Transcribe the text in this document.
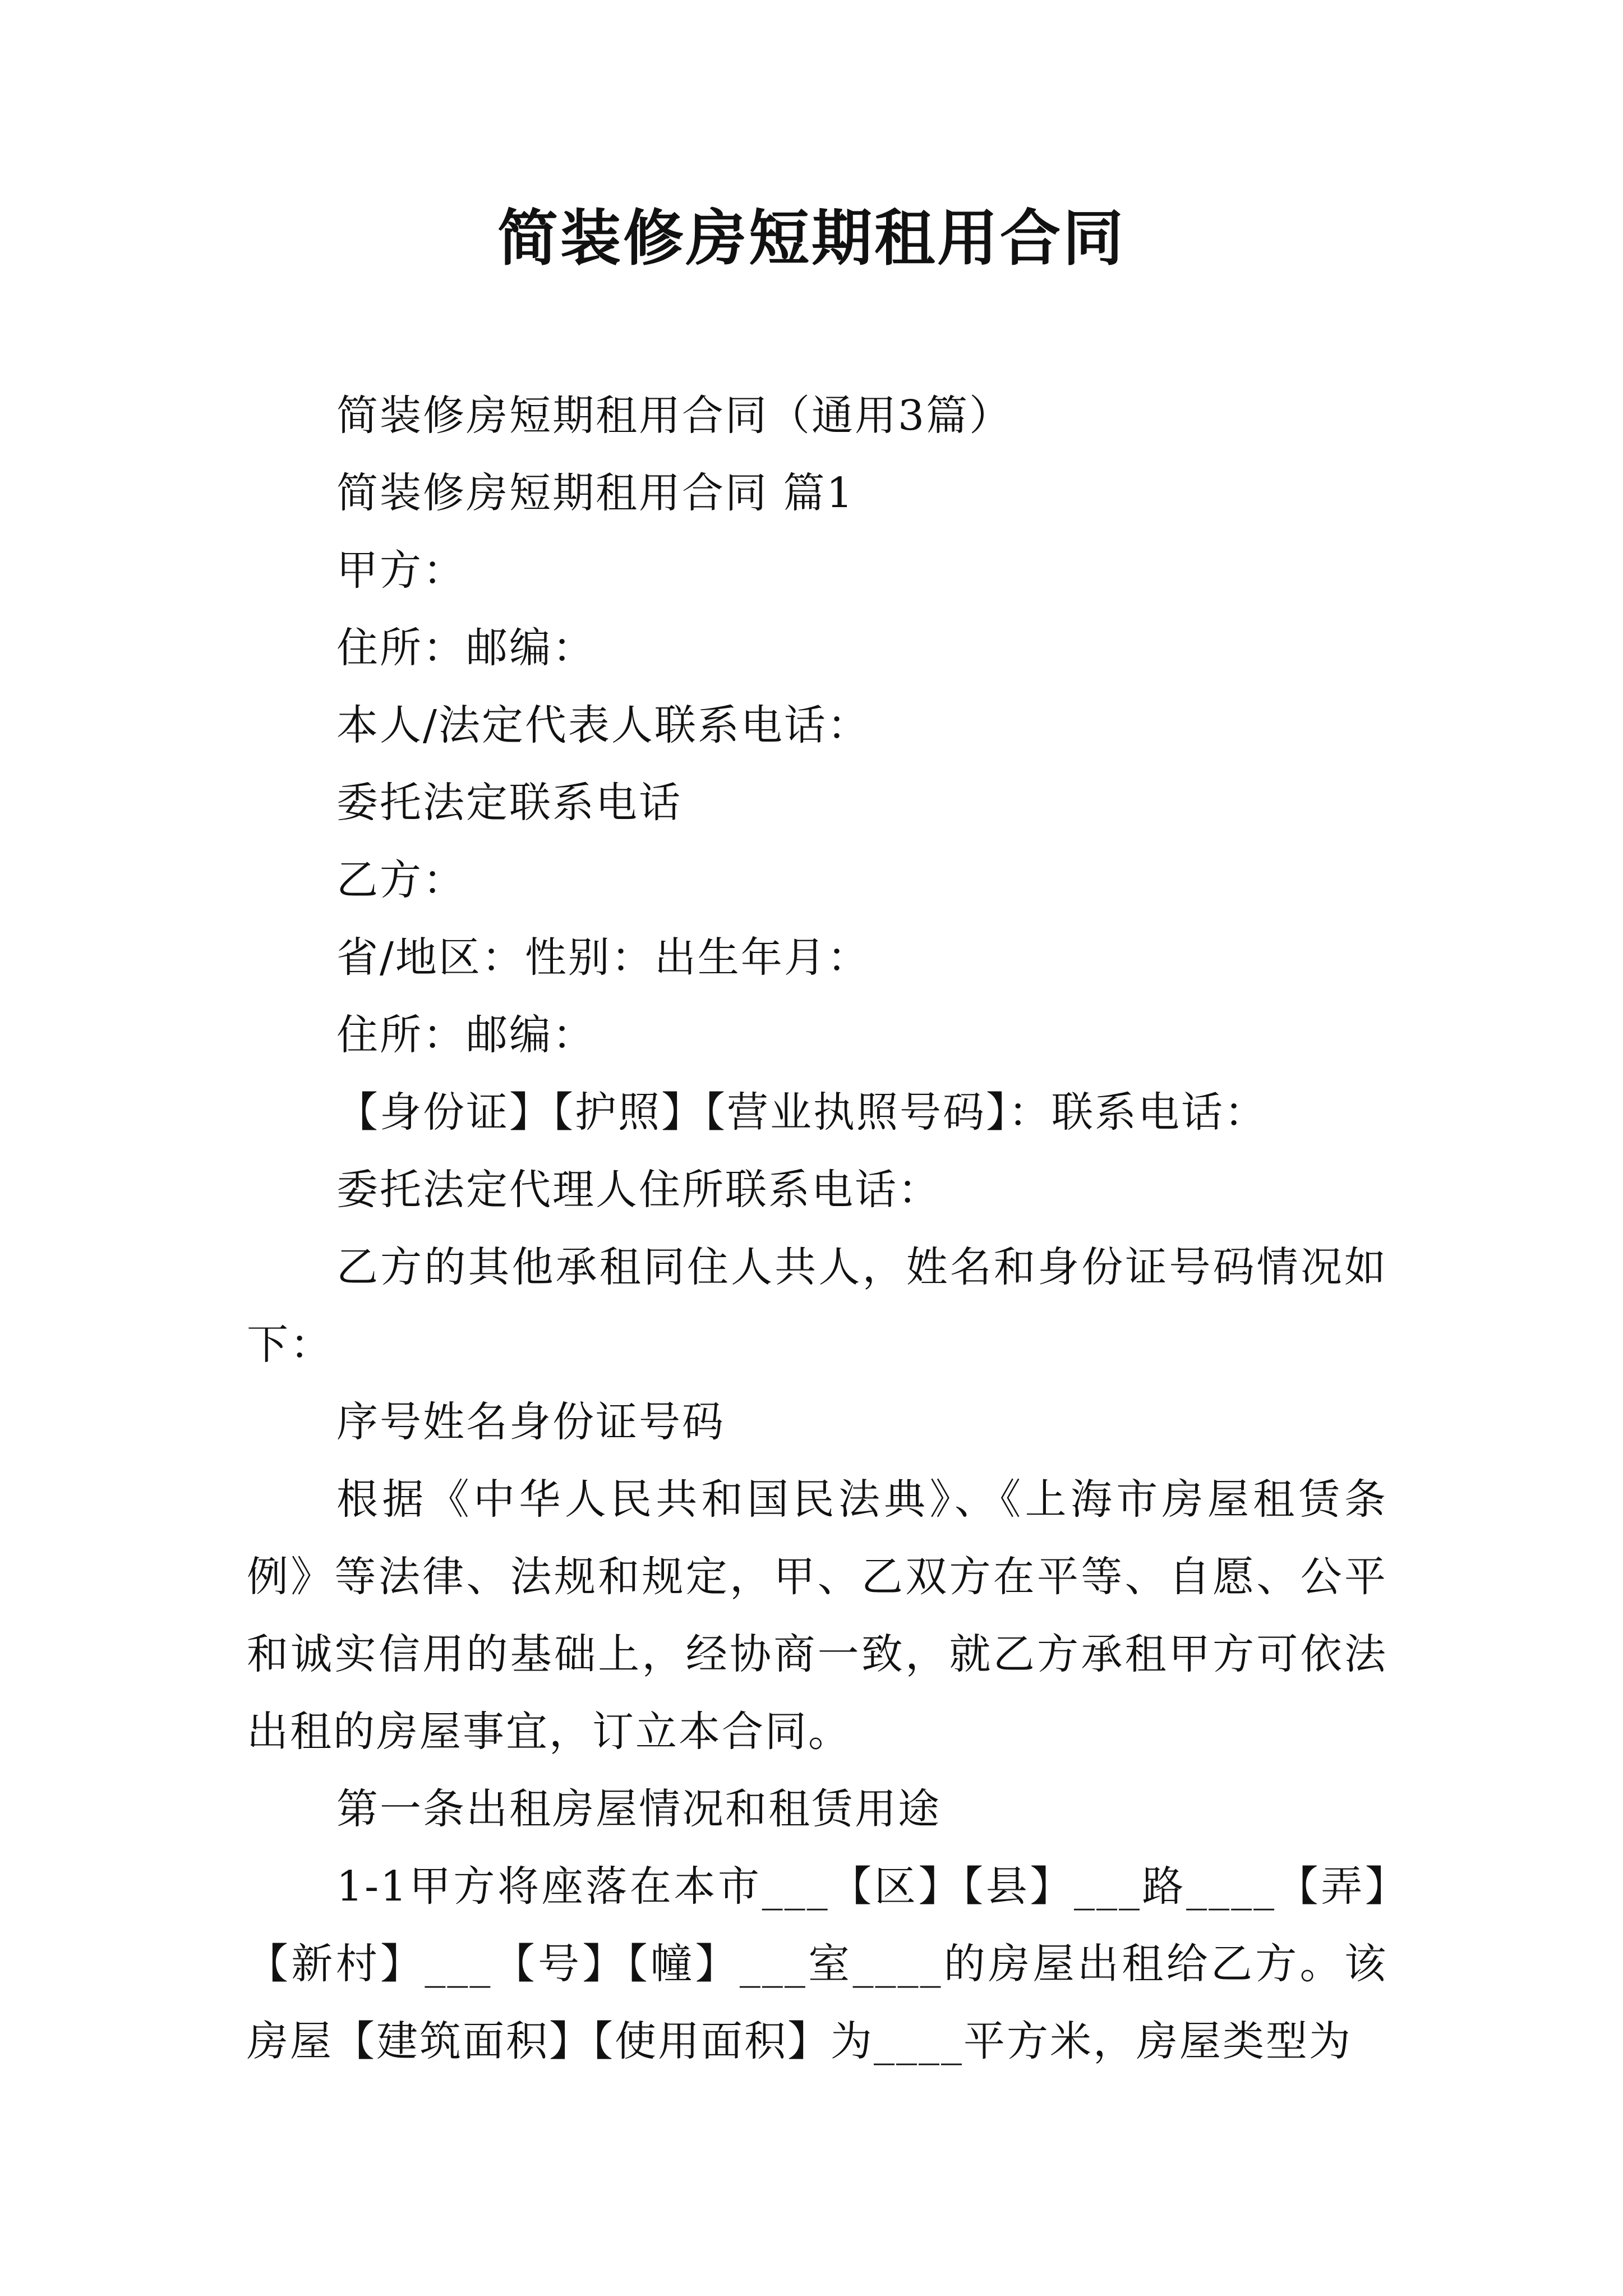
简装修房短期租用合同

简装修房短期租用合同（通用3篇）

简装修房短期租用合同 篇1

甲方：

住所：邮编：

本人/法定代表人联系电话：

委托法定联系电话

乙方：

省/地区：性别：出生年月：

住所：邮编：

【身份证】【护照】【营业执照号码】：联系电话：

委托法定代理人住所联系电话：

乙方的其他承租同住人共人，姓名和身份证号码情况如下：

序号姓名身份证号码

根据《中华人民共和国民法典》、《上海市房屋租赁条例》等法律、法规和规定，甲、乙双方在平等、自愿、公平和诚实信用的基础上，经协商一致，就乙方承租甲方可依法出租的房屋事宜，订立本合同。

第一条出租房屋情况和租赁用途

1-1甲方将座落在本市___【区】【县】___路____【弄】【新村】___【号】【幢】___室____的房屋出租给乙方。该房屋【建筑面积】【使用面积】为____平方米，房屋类型为
